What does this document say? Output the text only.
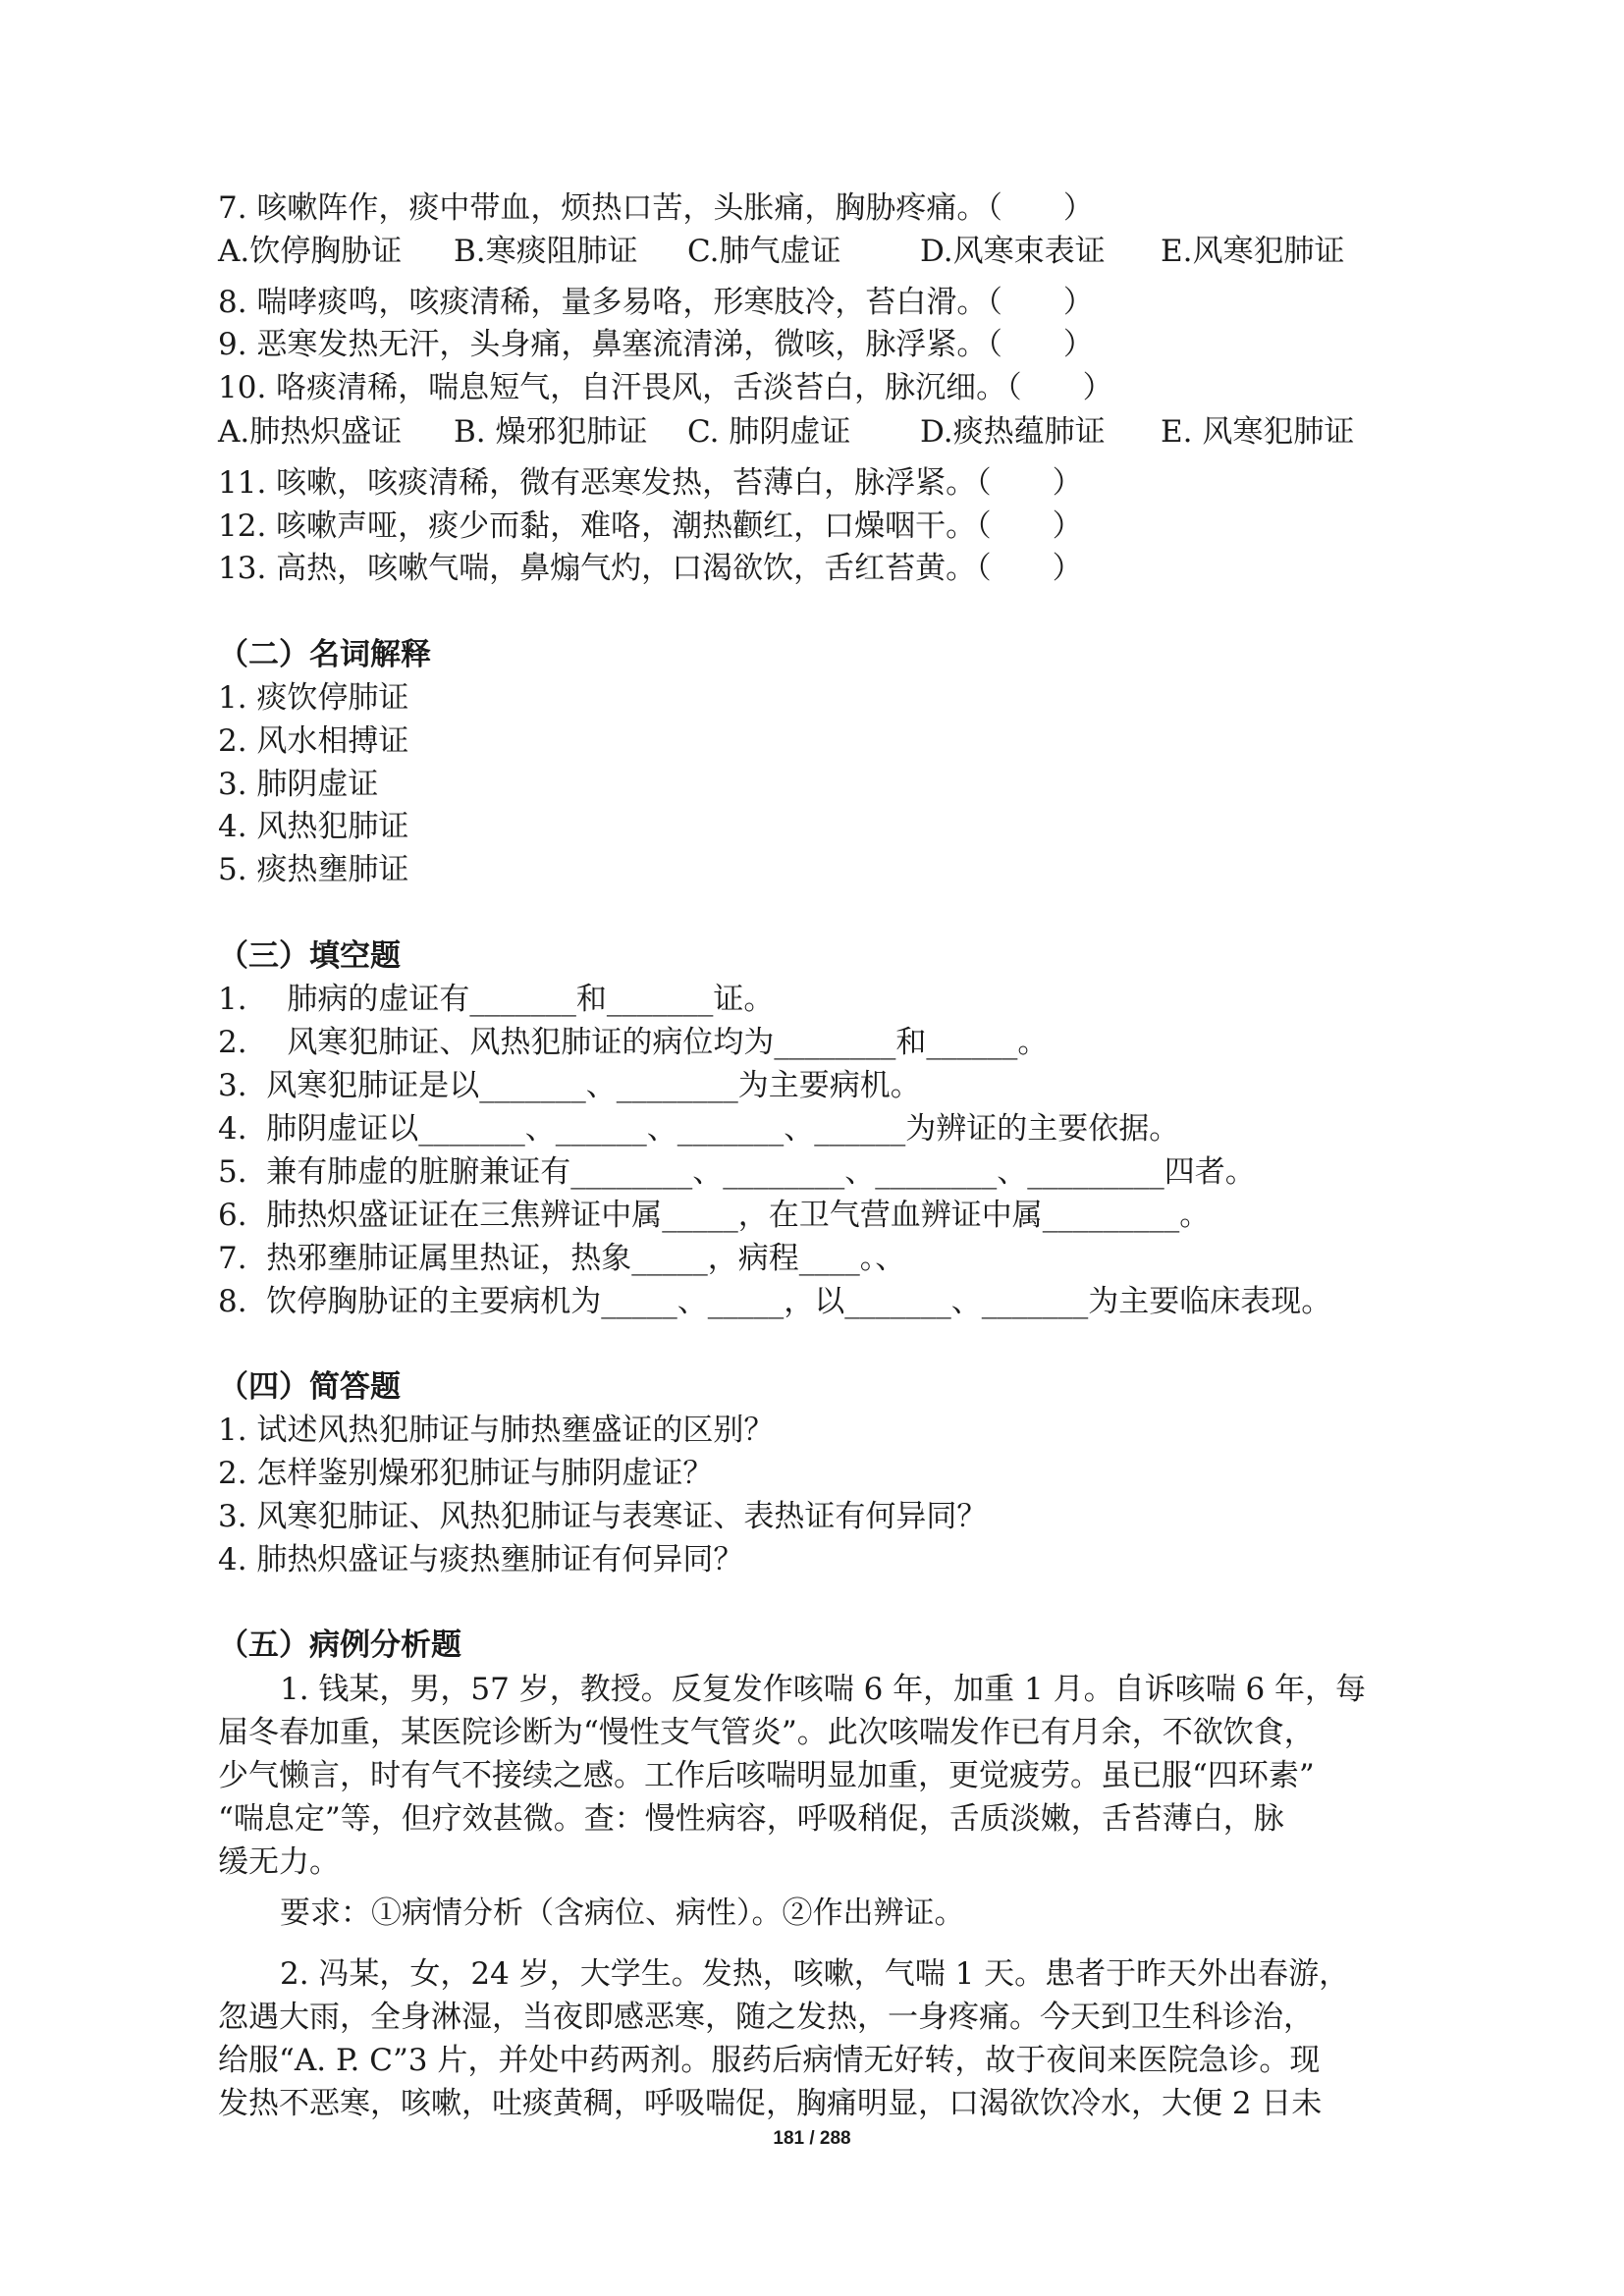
7. 咳嗽阵作，痰中带血，烦热口苦，头胀痛，胸胁疼痛。（　　）

A.饮停胸胁证

B.寒痰阻肺证

C.肺气虚证

	D.风寒束表证

E.风寒犯肺证

8. 喘哮痰鸣，咳痰清稀，量多易咯，形寒肢冷，苔白滑。（　　）
9. 恶寒发热无汗，头身痛，鼻塞流清涕，微咳，脉浮紧。（　　）
10. 咯痰清稀，喘息短气，自汗畏风，舌淡苔白，脉沉细。（　　）

A.肺热炽盛证

B. 燥邪犯肺证

C. 肺阴虚证

D.痰热蕴肺证

E. 风寒犯肺证

11. 咳嗽，咳痰清稀，微有恶寒发热，苔薄白，脉浮紧。（　　）
12. 咳嗽声哑，痰少而黏，难咯，潮热颧红，口燥咽干。（　　）
13. 高热，咳嗽气喘，鼻煽气灼，口渴欲饮，舌红苔黄。（　　）
（二）名词解释
1. 痰饮停肺证
2. 风水相搏证
3. 肺阴虚证
4. 风热犯肺证
5. 痰热壅肺证
（三）填空题
1.　 肺病的虚证有_______和_______证。
2.　 风寒犯肺证、风热犯肺证的病位均为________和______。
3.  风寒犯肺证是以_______、________为主要病机。
4.  肺阴虚证以_______、______、_______、______为辨证的主要依据。
5.  兼有肺虚的脏腑兼证有________、________、________、_________四者。
6.  肺热炽盛证证在三焦辨证中属_____，在卫气营血辨证中属_________。
7.  热邪壅肺证属里热证，热象_____，病程____。、
8.  饮停胸胁证的主要病机为_____、_____，以_______、_______为主要临床表现。
（四）简答题
1. 试述风热犯肺证与肺热壅盛证的区别？
2. 怎样鉴别燥邪犯肺证与肺阴虚证？
3. 风寒犯肺证、风热犯肺证与表寒证、表热证有何异同？
4. 肺热炽盛证与痰热壅肺证有何异同？
（五）病例分析题
1. 钱某，男，57 岁，教授。反复发作咳喘 6 年，加重 1 月。自诉咳喘 6 年，每
届冬春加重，某医院诊断为“慢性支气管炎”。此次咳喘发作已有月余，不欲饮食，
少气懒言，时有气不接续之感。工作后咳喘明显加重，更觉疲劳。虽已服“四环素”
“喘息定”等，但疗效甚微。查：慢性病容，呼吸稍促，舌质淡嫩，舌苔薄白，脉
缓无力。
要求：①病情分析（含病位、病性）。②作出辨证。
2. 冯某，女，24 岁，大学生。发热，咳嗽，气喘 1 天。患者于昨天外出春游，
忽遇大雨，全身淋湿，当夜即感恶寒，随之发热，一身疼痛。今天到卫生科诊治，
给服“A. P. C”3 片，并处中药两剂。服药后病情无好转，故于夜间来医院急诊。现
发热不恶寒，咳嗽，吐痰黄稠，呼吸喘促，胸痛明显，口渴欲饮冷水，大便 2 日未
181 / 288
